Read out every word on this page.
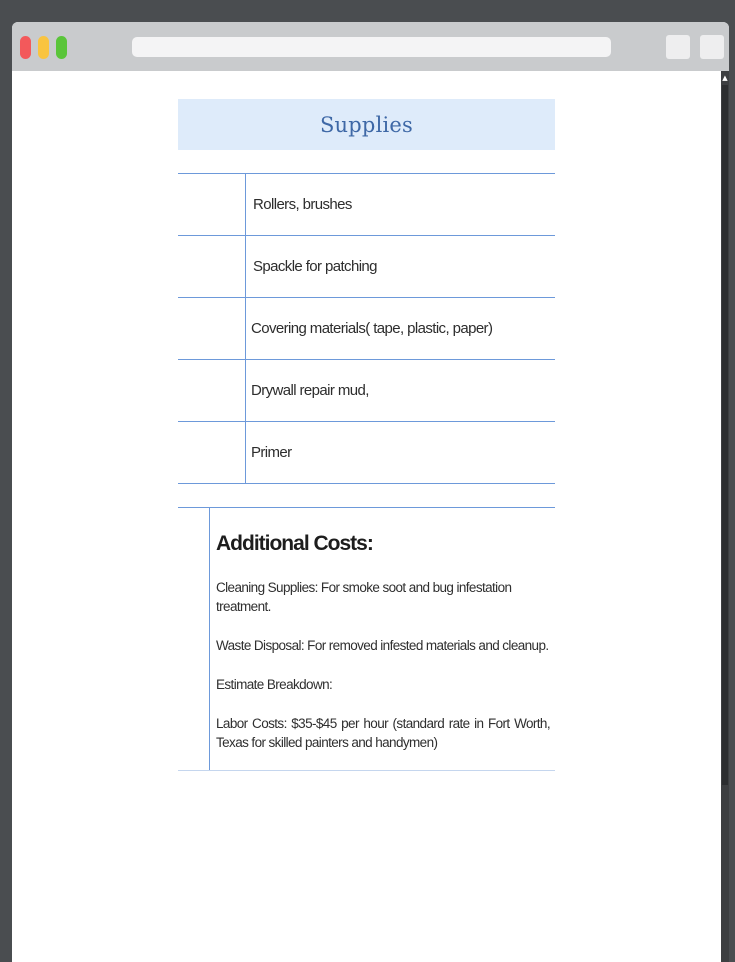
▲
Supplies
Rollers, brushes
Spackle for patching
Covering materials( tape, plastic, paper)
Drywall repair mud,
Primer
Additional Costs:

Cleaning Supplies: For smoke soot and bug infestation treatment.

Waste Disposal: For removed infested materials and cleanup.

Estimate Breakdown:

Labor Costs: $35-$45 per hour (standard rate in Fort Worth, Texas for skilled painters and handymen)
